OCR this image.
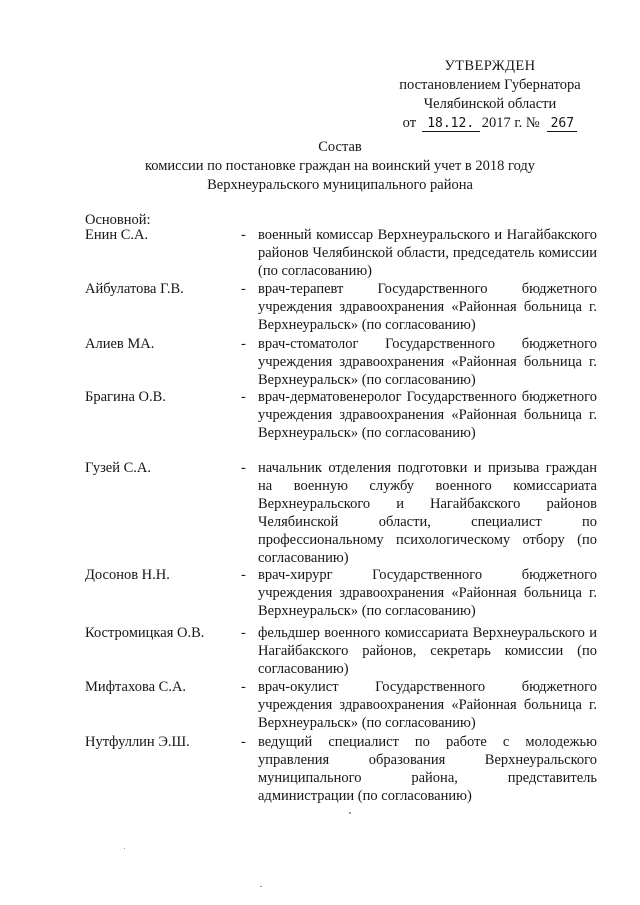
УТВЕРЖДЕН
постановлением Губернатора
Челябинской области
от 18.12. 2017 г. № 267
Состав
комиссии по постановке граждан на воинский учет в 2018 году
Верхнеуральского муниципального района
Основной:
Енин С.А.	- военный комиссар Верхнеуральского и Нагайбакского районов Челябинской области, председатель комиссии (по согласованию)
Айбулатова Г.В.	- врач-терапевт Государственного бюджетного учреждения здравоохранения «Районная больница г. Верхнеуральск» (по согласованию)
Алиев МА.	- врач-стоматолог Государственного бюджетного учреждения здравоохранения «Районная больница г. Верхнеуральск» (по согласованию)
Брагина О.В.	- врач-дерматовенеролог Государственного бюджетного учреждения здравоохранения «Районная больница г. Верхнеуральск» (по согласованию)
Гузей С.А.	- начальник отделения подготовки и призыва граждан на военную службу военного комиссариата Верхнеуральского и Нагайбакского районов Челябинской области, специалист по профессиональному психологическому отбору (по согласованию)
Досонов Н.Н.	- врач-хирург Государственного бюджетного учреждения здравоохранения «Районная больница г. Верхнеуральск» (по согласованию)
Костромицкая О.В.	- фельдшер военного комиссариата Верхнеуральского и Нагайбакского районов, секретарь комиссии (по согласованию)
Мифтахова С.А.	- врач-окулист Государственного бюджетного учреждения здравоохранения «Районная больница г. Верхнеуральск» (по согласованию)
Нутфуллин Э.Ш.	- ведущий специалист по работе с молодежью управления образования Верхнеуральского муниципального района, представитель администрации (по согласованию)
